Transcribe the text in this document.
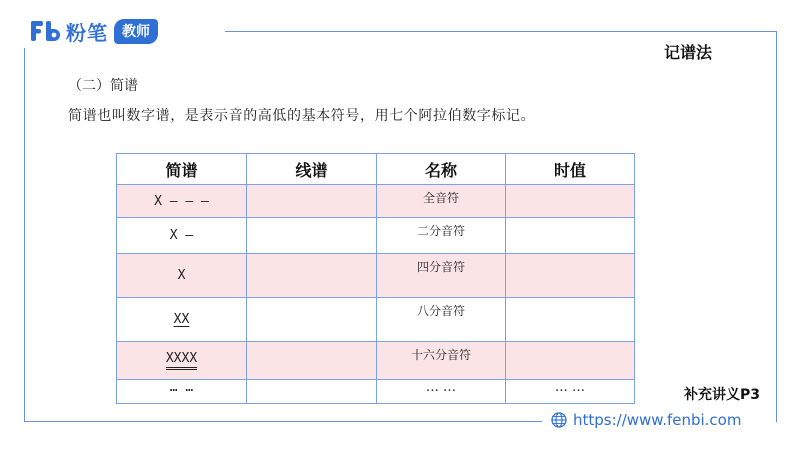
粉笔	教师
记谱法
（二）简谱
简谱也叫数字谱，是表示音的高低的基本符号，用七个阿拉伯数字标记。
简谱	线谱	名称	时值
X — — —		全音符	
X —		二分音符	
X		四分音符	
XX		八分音符	
XXXX		十六分音符	
… …		… …	… …	补充讲义P3
https://www.fenbi.com
